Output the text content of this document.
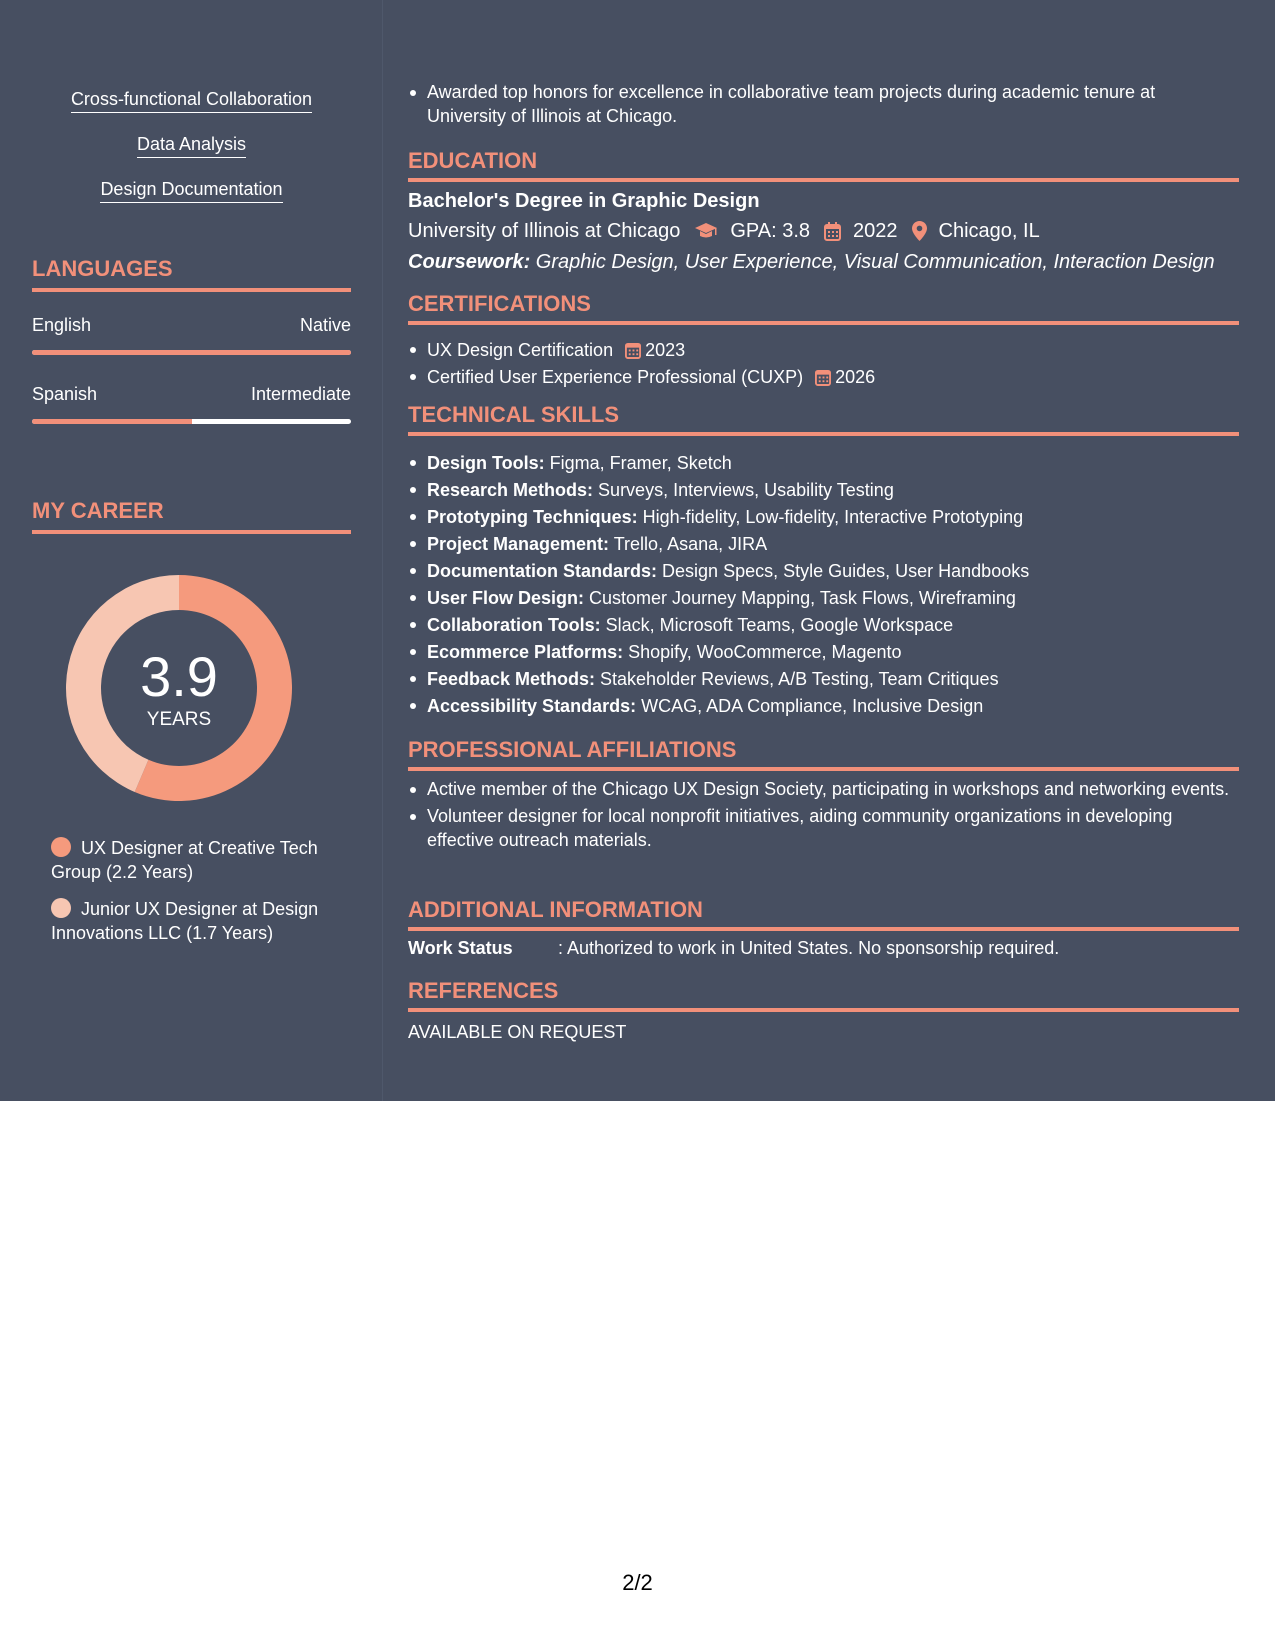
Cross-functional Collaboration
Data Analysis
Design Documentation
LANGUAGES
English	Native
Spanish	Intermediate
MY CAREER
3.9
YEARS
UX Designer at Creative Tech Group (2.2 Years)
Junior UX Designer at Design Innovations LLC (1.7 Years)
Awarded top honors for excellence in collaborative team projects during academic tenure at University of Illinois at Chicago.
EDUCATION
Bachelor's Degree in Graphic Design
University of Illinois at Chicago	GPA: 3.8 2022 Chicago, IL
Coursework: Graphic Design, User Experience, Visual Communication, Interaction Design
CERTIFICATIONS
UX Design Certification 2023
Certified User Experience Professional (CUXP) 2026
TECHNICAL SKILLS
Design Tools: Figma, Framer, Sketch
Research Methods: Surveys, Interviews, Usability Testing
Prototyping Techniques: High-fidelity, Low-fidelity, Interactive Prototyping
Project Management: Trello, Asana, JIRA
Documentation Standards: Design Specs, Style Guides, User Handbooks
User Flow Design: Customer Journey Mapping, Task Flows, Wireframing
Collaboration Tools: Slack, Microsoft Teams, Google Workspace
Ecommerce Platforms: Shopify, WooCommerce, Magento
Feedback Methods: Stakeholder Reviews, A/B Testing, Team Critiques
Accessibility Standards: WCAG, ADA Compliance, Inclusive Design
PROFESSIONAL AFFILIATIONS
Active member of the Chicago UX Design Society, participating in workshops and networking events.
Volunteer designer for local nonprofit initiatives, aiding community organizations in developing effective outreach materials.
ADDITIONAL INFORMATION
Work Status	: Authorized to work in United States. No sponsorship required.
REFERENCES
AVAILABLE ON REQUEST
2/2
